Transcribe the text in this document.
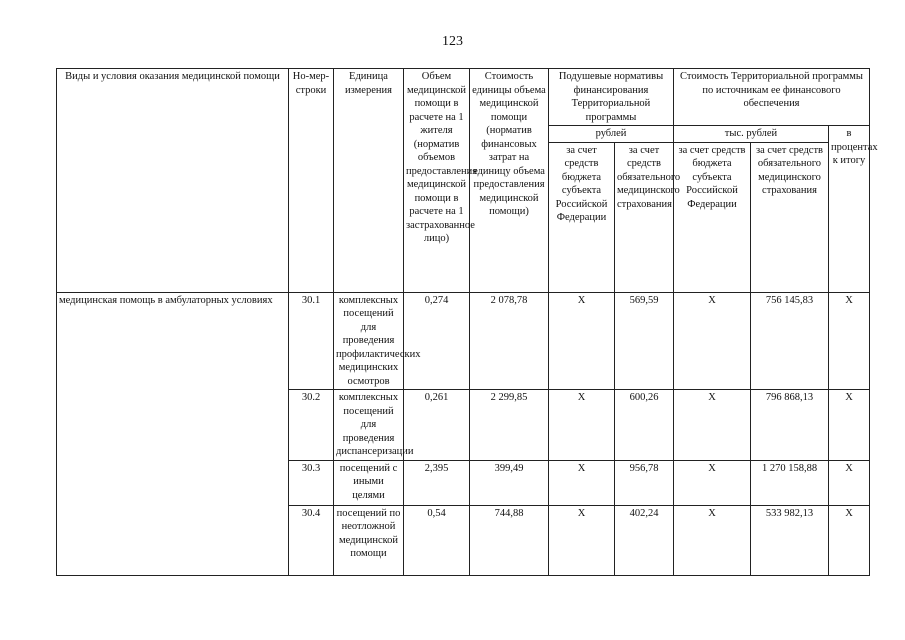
123
Виды и условия оказания медицинской помощи	Но-мер-строки	Единица измерения	Объем медицинской помощи в расчете на 1 жителя (норматив объемов предоставления медицинской помощи в расчете на 1 застрахованное лицо)	Стоимость единицы объема медицинской помощи (норматив финансовых затрат на единицу объема предоставления медицинской помощи)	Подушевые нормативы финансирования Территориальной программы		Стоимость Территориальной программы по источникам ее финансового обеспечения		
					рублей		тыс. рублей		в процентах к итогу
					за счет средств бюджета субъекта Российской Федерации	за счет средств обязательного медицинского страхования	за счет средств бюджета субъекта Российской Федерации	за счет средств обязательного медицинского страхования	
медицинская помощь в амбулаторных условиях	30.1	комплексных посещений для проведения профилактических медицинских осмотров	0,274	2 078,78	Х	569,59	Х	756 145,83	Х
	30.2	комплексных посещений для проведения диспансеризации	0,261	2 299,85	Х	600,26	Х	796 868,13	Х
	30.3	посещений с иными целями	2,395	399,49	Х	956,78	Х	1 270 158,88	Х
	30.4	посещений по неотложной медицинской помощи	0,54	744,88	Х	402,24	Х	533 982,13	Х
